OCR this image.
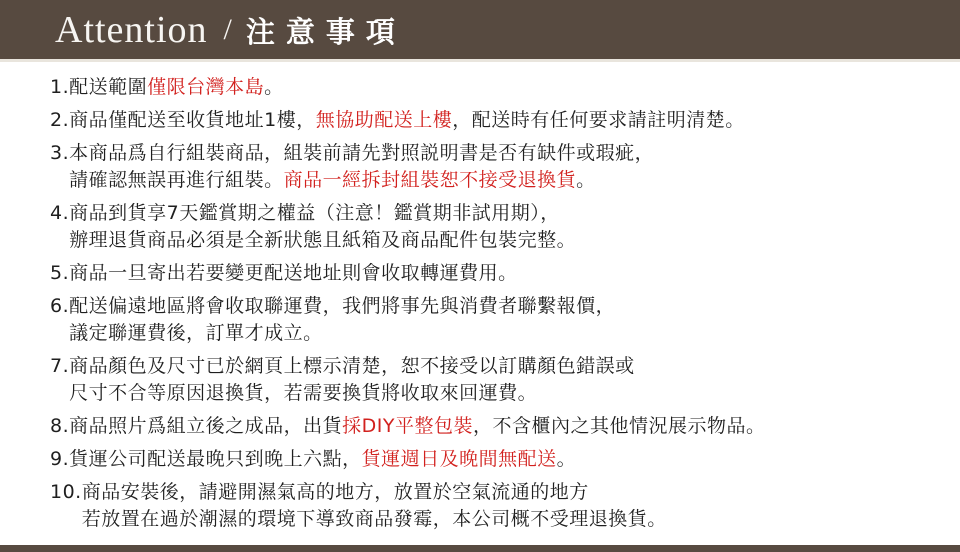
Attention / 注意事項
1. 配送範圍僅限台灣本島。
2. 商品僅配送至收貨地址1樓，無協助配送上樓，配送時有任何要求請註明清楚。
3. 本商品爲自行組裝商品，組裝前請先對照説明書是否有缺件或瑕疵，
請確認無誤再進行組裝。商品一經拆封組裝恕不接受退換貨。
4. 商品到貨享7天鑑賞期之權益（注意！鑑賞期非試用期），
辦理退貨商品必須是全新狀態且紙箱及商品配件包裝完整。
5. 商品一旦寄出若要變更配送地址則會收取轉運費用。
6. 配送偏遠地區將會收取聯運費，我們將事先與消費者聯繫報價，
議定聯運費後，訂單才成立。
7. 商品顏色及尺寸已於網頁上標示清楚，恕不接受以訂購顏色錯誤或
尺寸不合等原因退換貨，若需要換貨將收取來回運費。
8. 商品照片爲組立後之成品，出貨採DIY平整包裝，不含櫃內之其他情況展示物品。
9. 貨運公司配送最晚只到晚上六點，貨運週日及晚間無配送。
10. 商品安裝後，請避開濕氣高的地方，放置於空氣流通的地方
若放置在過於潮濕的環境下導致商品發霉，本公司概不受理退換貨。
